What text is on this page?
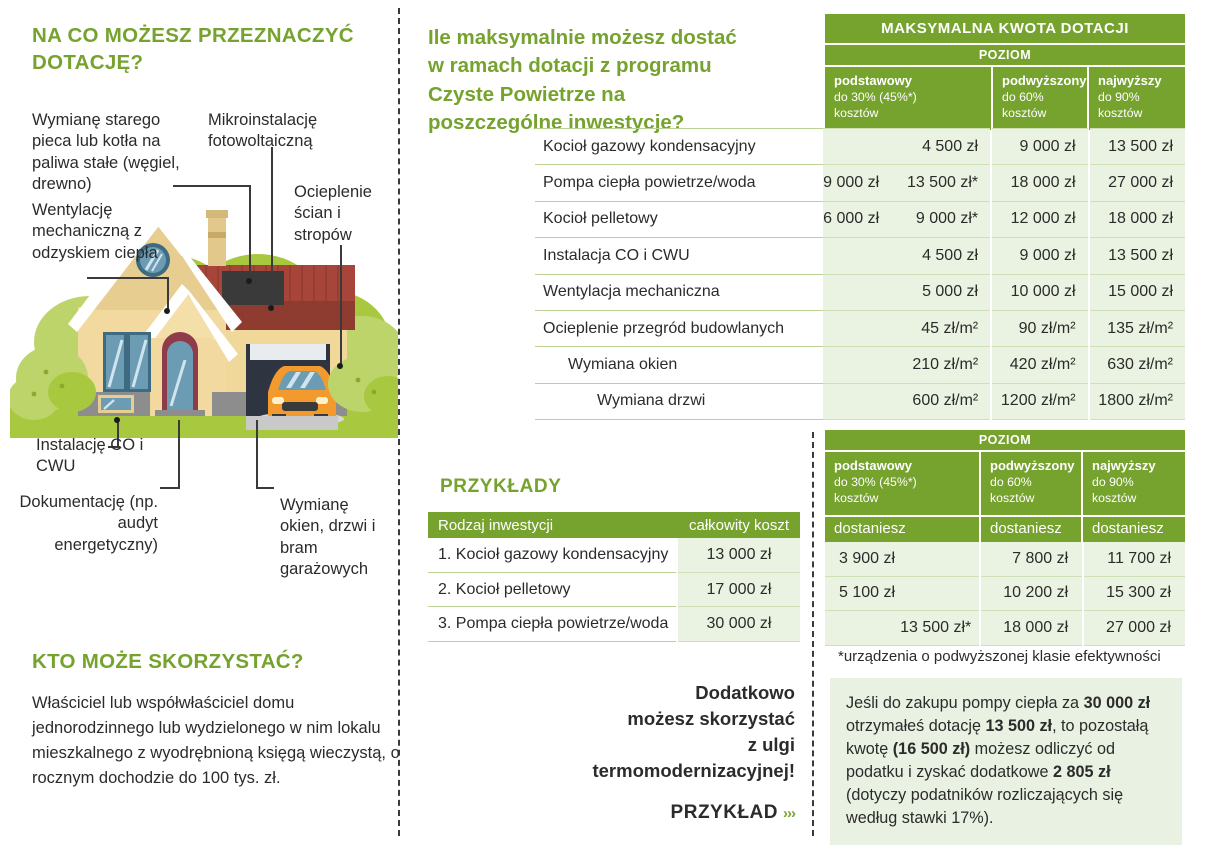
NA CO MOŻESZ PRZEZNACZYĆ DOTACJĘ?
Wymianę starego pieca lub kotła na paliwa stałe (węgiel, drewno)
Wentylację mechaniczną z odzyskiem ciepła
Mikroinstalację fotowoltaiczną
Ocieplenie ścian i stropów
Instalację CO i CWU
Dokumentację (np. audyt energetyczny)
Wymianę okien, drzwi i bram garażowych
KTO MOŻE SKORZYSTAĆ?
Właściciel lub współwłaściciel domu jednorodzinnego lub wydzielonego w nim lokalu mieszkalnego z wyodrębnioną księgą wieczystą, o rocznym dochodzie do 100 tys. zł.
Ile maksymalnie możesz dostać w ramach dotacji z programu Czyste Powietrze na poszczególne inwestycje?
MAKSYMALNA KWOTA DOTACJI
POZIOM
podstawowy
do 30% (45%*)
kosztów
podwyższony
do 60%
kosztów
najwyższy
do 90%
kosztów
Kocioł gazowy kondensacyjny	4 500 zł	9 000 zł	13 500 zł
Pompa ciepła powietrze/woda	9 000 zł 13 500 zł*	18 000 zł	27 000 zł
Kocioł pelletowy	6 000 zł 9 000 zł*	12 000 zł	18 000 zł
Instalacja CO i CWU	4 500 zł	9 000 zł	13 500 zł
Wentylacja mechaniczna	5 000 zł	10 000 zł	15 000 zł
Ocieplenie przegród budowlanych	45 zł/m²	90 zł/m²	135 zł/m²
Wymiana okien	210 zł/m²	420 zł/m²	630 zł/m²
Wymiana drzwi	600 zł/m²	1200 zł/m²	1800 zł/m²
PRZYKŁADY
Rodzaj inwestycji	całkowity koszt
1. Kocioł gazowy kondensacyjny	13 000 zł
2. Kocioł pelletowy	17 000 zł
3. Pompa ciepła powietrze/woda	30 000 zł
POZIOM
podstawowy
do 30% (45%*)
kosztów
podwyższony
do 60%
kosztów
najwyższy
do 90%
kosztów
dostaniesz	dostaniesz	dostaniesz
3 900 zł	7 800 zł	11 700 zł
5 100 zł	10 200 zł	15 300 zł
13 500 zł*	18 000 zł	27 000 zł
*urządzenia o podwyższonej klasie efektywności
Dodatkowo
możesz skorzystać
z ulgi termomodernizacyjnej!
PRZYKŁAD ›››
Jeśli do zakupu pompy ciepła za 30 000 zł otrzymałeś dotację 13 500 zł, to pozostałą kwotę (16 500 zł) możesz odliczyć od podatku i zyskać dodatkowe 2 805 zł (dotyczy podatników rozliczających się według stawki 17%).
